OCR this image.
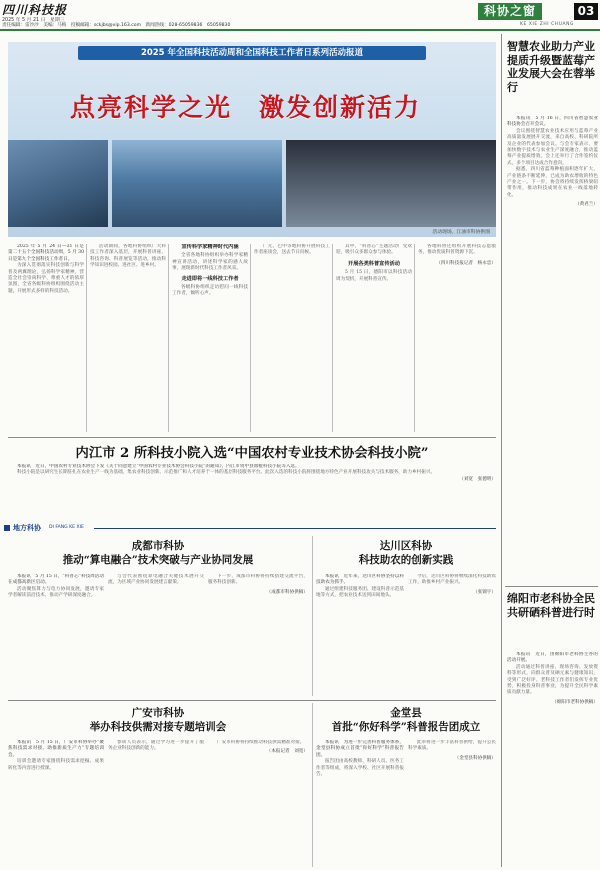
四川科技报
2025 年 5 月 21 日　星期三
责任编辑：雷沙沙　美编：马梅　投稿邮箱：sckjbs@vip.163.com　新闻热线：028-65059836　65059830
科协之窗	03
KE XIE ZHI CHUANG
2025 年全国科技活动周和全国科技工作者日系列活动报道
点亮科学之光　激发创新活力
活动现场。江油市科协供图

2025 年 5 月 24 日—31 日是第二十五个全国科技活动周，5 月 30 日是第九个全国科技工作者日。

为深入贯彻落实科技创新与科学普及两翼理论，弘扬科学家精神，营造全社会崇尚科学、尊重人才的浓厚氛围，全省各级科协组织围绕活动主题，开展形式多样的科技活动。

活动期间，各地科协组织广大科技工作者深入基层，开展科普讲座、科技咨询、科普展览等活动，推动科学知识进校园、进社区、进乡村。

宣传科学家精神时代内涵

全省各地科协组织举办科学家精神宣讲活动，讲述科学家的感人故事，展现新时代科技工作者风采。

走进即将一线科技工作者

各级科协组织走访慰问一线科技工作者，倾听心声。

广元、巴中等地科协开展科技工作者座谈会，送去节日问候。

其中，“科普芯”主题活动广受欢迎，吸引众多群众参与体验。

开展各类科普宣传活动

5 月 15 日，德阳市以科技活动周为契机，开展科普宣传。

各地科协还组织开展科技志愿服务，推动优质科普资源下沉。

（四川科技报记者　杨永忠）
内江市 2 所科技小院入选“中国农村专业技术协会科技小院”

本报讯　近日，中国农村专业技术协会下发《关于同意建立“中国农村专业技术协会科技小院”的通知》，内江市资中县血橙科技小院等入选。

科技小院是以研究生长期驻扎在农业生产一线为基础，集农业科技创新、示范推广和人才培养于一体的基层科技服务平台。此次入选的科技小院将围绕地方特色产业开展科技攻关与技术服务，助力乡村振兴。

（刘宽　张德明）
地方科协 DI FANG KE XIE
成都市科协
推动“算电融合”技术突破与产业协同发展

本报讯　5 月 15 日，“科普芯”科技周活动在成都高新区启动。

活动聚焦算力与电力协同发展，邀请专家学者解读前沿技术，推动产学研深度融合。

与会代表围绕算电融合关键技术展开交流，为区域产业协同发展建言献策。

下一步，成都市科协将持续搭建交流平台，服务科技创新。

（成都市科协供稿）
达川区科协
科技助农的创新实践

本报讯　近年来，达川区科协坚持以科技助农为抓手。

通过组建科技服务团、建设科普示范基地等方式，把农业技术送到田间地头。

今后，达川区科协将继续深化科技助农工作，助推乡村产业振兴。

（张锦宇）
广安市科协
举办科技供需对接专题培训会

本报讯　5 月 15 日，广安市科协举办“聚焦科技需求对接、助推新质生产力”专题培训会。

培训会邀请专家围绕科技需求挖掘、成果转化等内容进行授课。

参训人员表示，通过学习进一步提升了服务企业科技创新的能力。

广安市科协将持续推动科技供需精准对接。

（本报记者　刘宽）
金堂县
首批“你好科学”科普报告团成立

本报讯　为进一步完善科普服务体系，金堂县科协成立首批“你好科学”科普报告团。

报告团由高校教师、科研人员、医务工作者等组成，将深入学校、社区开展科普报告。

此举将进一步丰富科普供给，提升公民科学素质。

（金堂县科协供稿）
智慧农业助力产业提质升级暨蓝莓产业发展大会在蓉举行

本报讯　5 月 16 日，四川省智慧农业科技协会召开会议。

会议围绕智慧农业技术应用与蓝莓产业高质量发展展开交流，来自高校、科研院所及企业的代表参加会议。与会专家表示，要加快数字技术与农业生产深度融合，推动蓝莓产业提质增效。会上还举行了合作签约仪式，多个项目达成合作意向。

据悉，四川省蓝莓种植面积逐年扩大，产业链条不断延伸，已成为助农增收的特色产业之一。下一步，协会将持续发挥桥梁纽带作用，推动科技成果在农业一线落地转化。

（黄君兰）
绵阳市老科协全民共研硒科普进行时

本报讯　近日，由绵阳市老科协主办的活动开展。

活动通过科普讲座、现场咨询、发放资料等形式，向群众普及硒元素与健康知识，受到广泛好评。老科技工作者们发挥专业优势，积极投身科普事业，为提升全民科学素质贡献力量。

（绵阳市老科协供稿）
